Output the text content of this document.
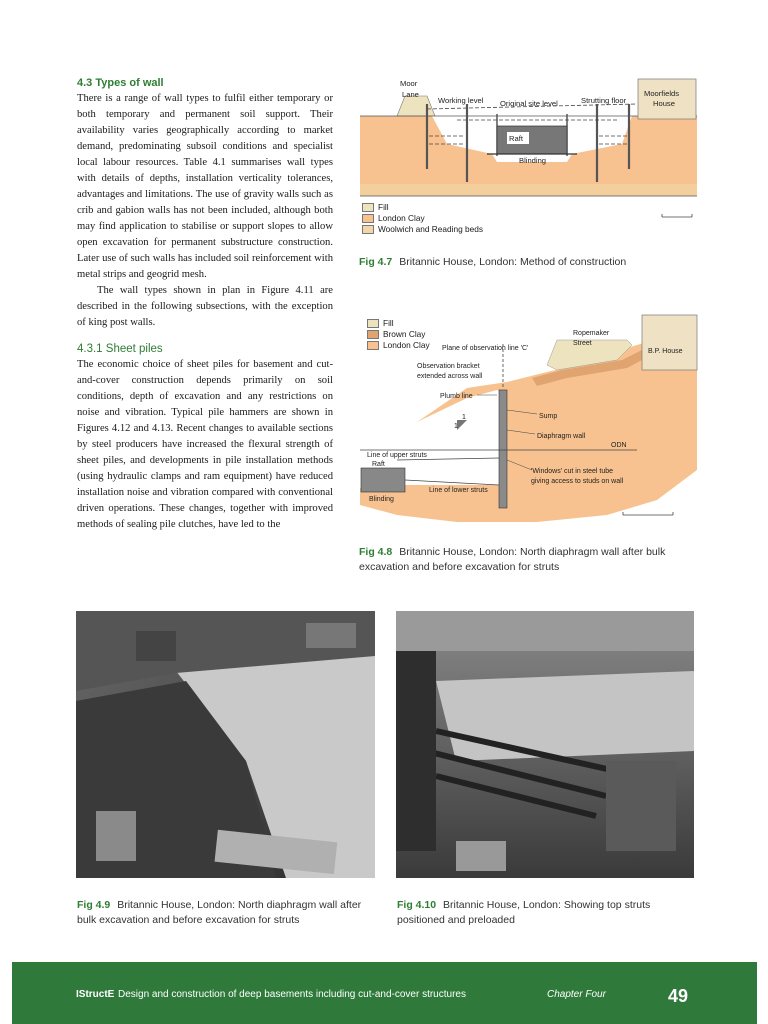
4.3 Types of wall

There is a range of wall types to fulfil either temporary or both temporary and permanent soil support. Their availability varies geographically according to market demand, predominating subsoil conditions and specialist local labour resources. Table 4.1 summarises wall types with details of depths, installation verticality tolerances, advantages and limitations. The use of gravity walls such as crib and gabion walls has not been included, although both may find application to stabilise or support slopes to allow open excavation for permanent substructure construction. Later use of such walls has included soil reinforcement with metal strips and geogrid mesh.

The wall types shown in plan in Figure 4.11 are described in the following subsections, with the exception of king post walls.

4.3.1 Sheet piles

The economic choice of sheet piles for basement and cut-and-cover construction depends primarily on soil conditions, depth of excavation and any restrictions on noise and vibration. Typical pile hammers are shown in Figures 4.12 and 4.13. Recent changes to available sections by steel producers have increased the flexural strength of sheet piles, and developments in pile installation methods (using hydraulic clamps and ram equipment) have reduced installation noise and vibration compared with conventional driven operations. These changes, together with improved methods of sealing pile clutches, have led to the

Moor
Lane
Working level Original site level	Strutting floor
Moorfields
House
Raft
Blinding
Fill
London Clay
Woolwich and Reading beds

Fig 4.7 Britannic House, London: Method of construction

Plane of observation line 'C'
Ropemaker
Street
B.P. House
Observation bracket
extended across wall
Plumb line
1
1
Sump
Diaphragm wall
ODN
Line of upper struts
Raft
'Windows' cut in steel tube
giving access to studs on wall
Line of lower struts
Blinding
Fill
Brown Clay
London Clay

Fig 4.8 Britannic House, London: North diaphragm wall after bulk excavation and before excavation for struts

Fig 4.9 Britannic House, London: North diaphragm wall after bulk excavation and before excavation for struts

Fig 4.10 Britannic House, London: Showing top struts positioned and preloaded

IStructE Design and construction of deep basements including cut-and-cover structures	Chapter Four	49
